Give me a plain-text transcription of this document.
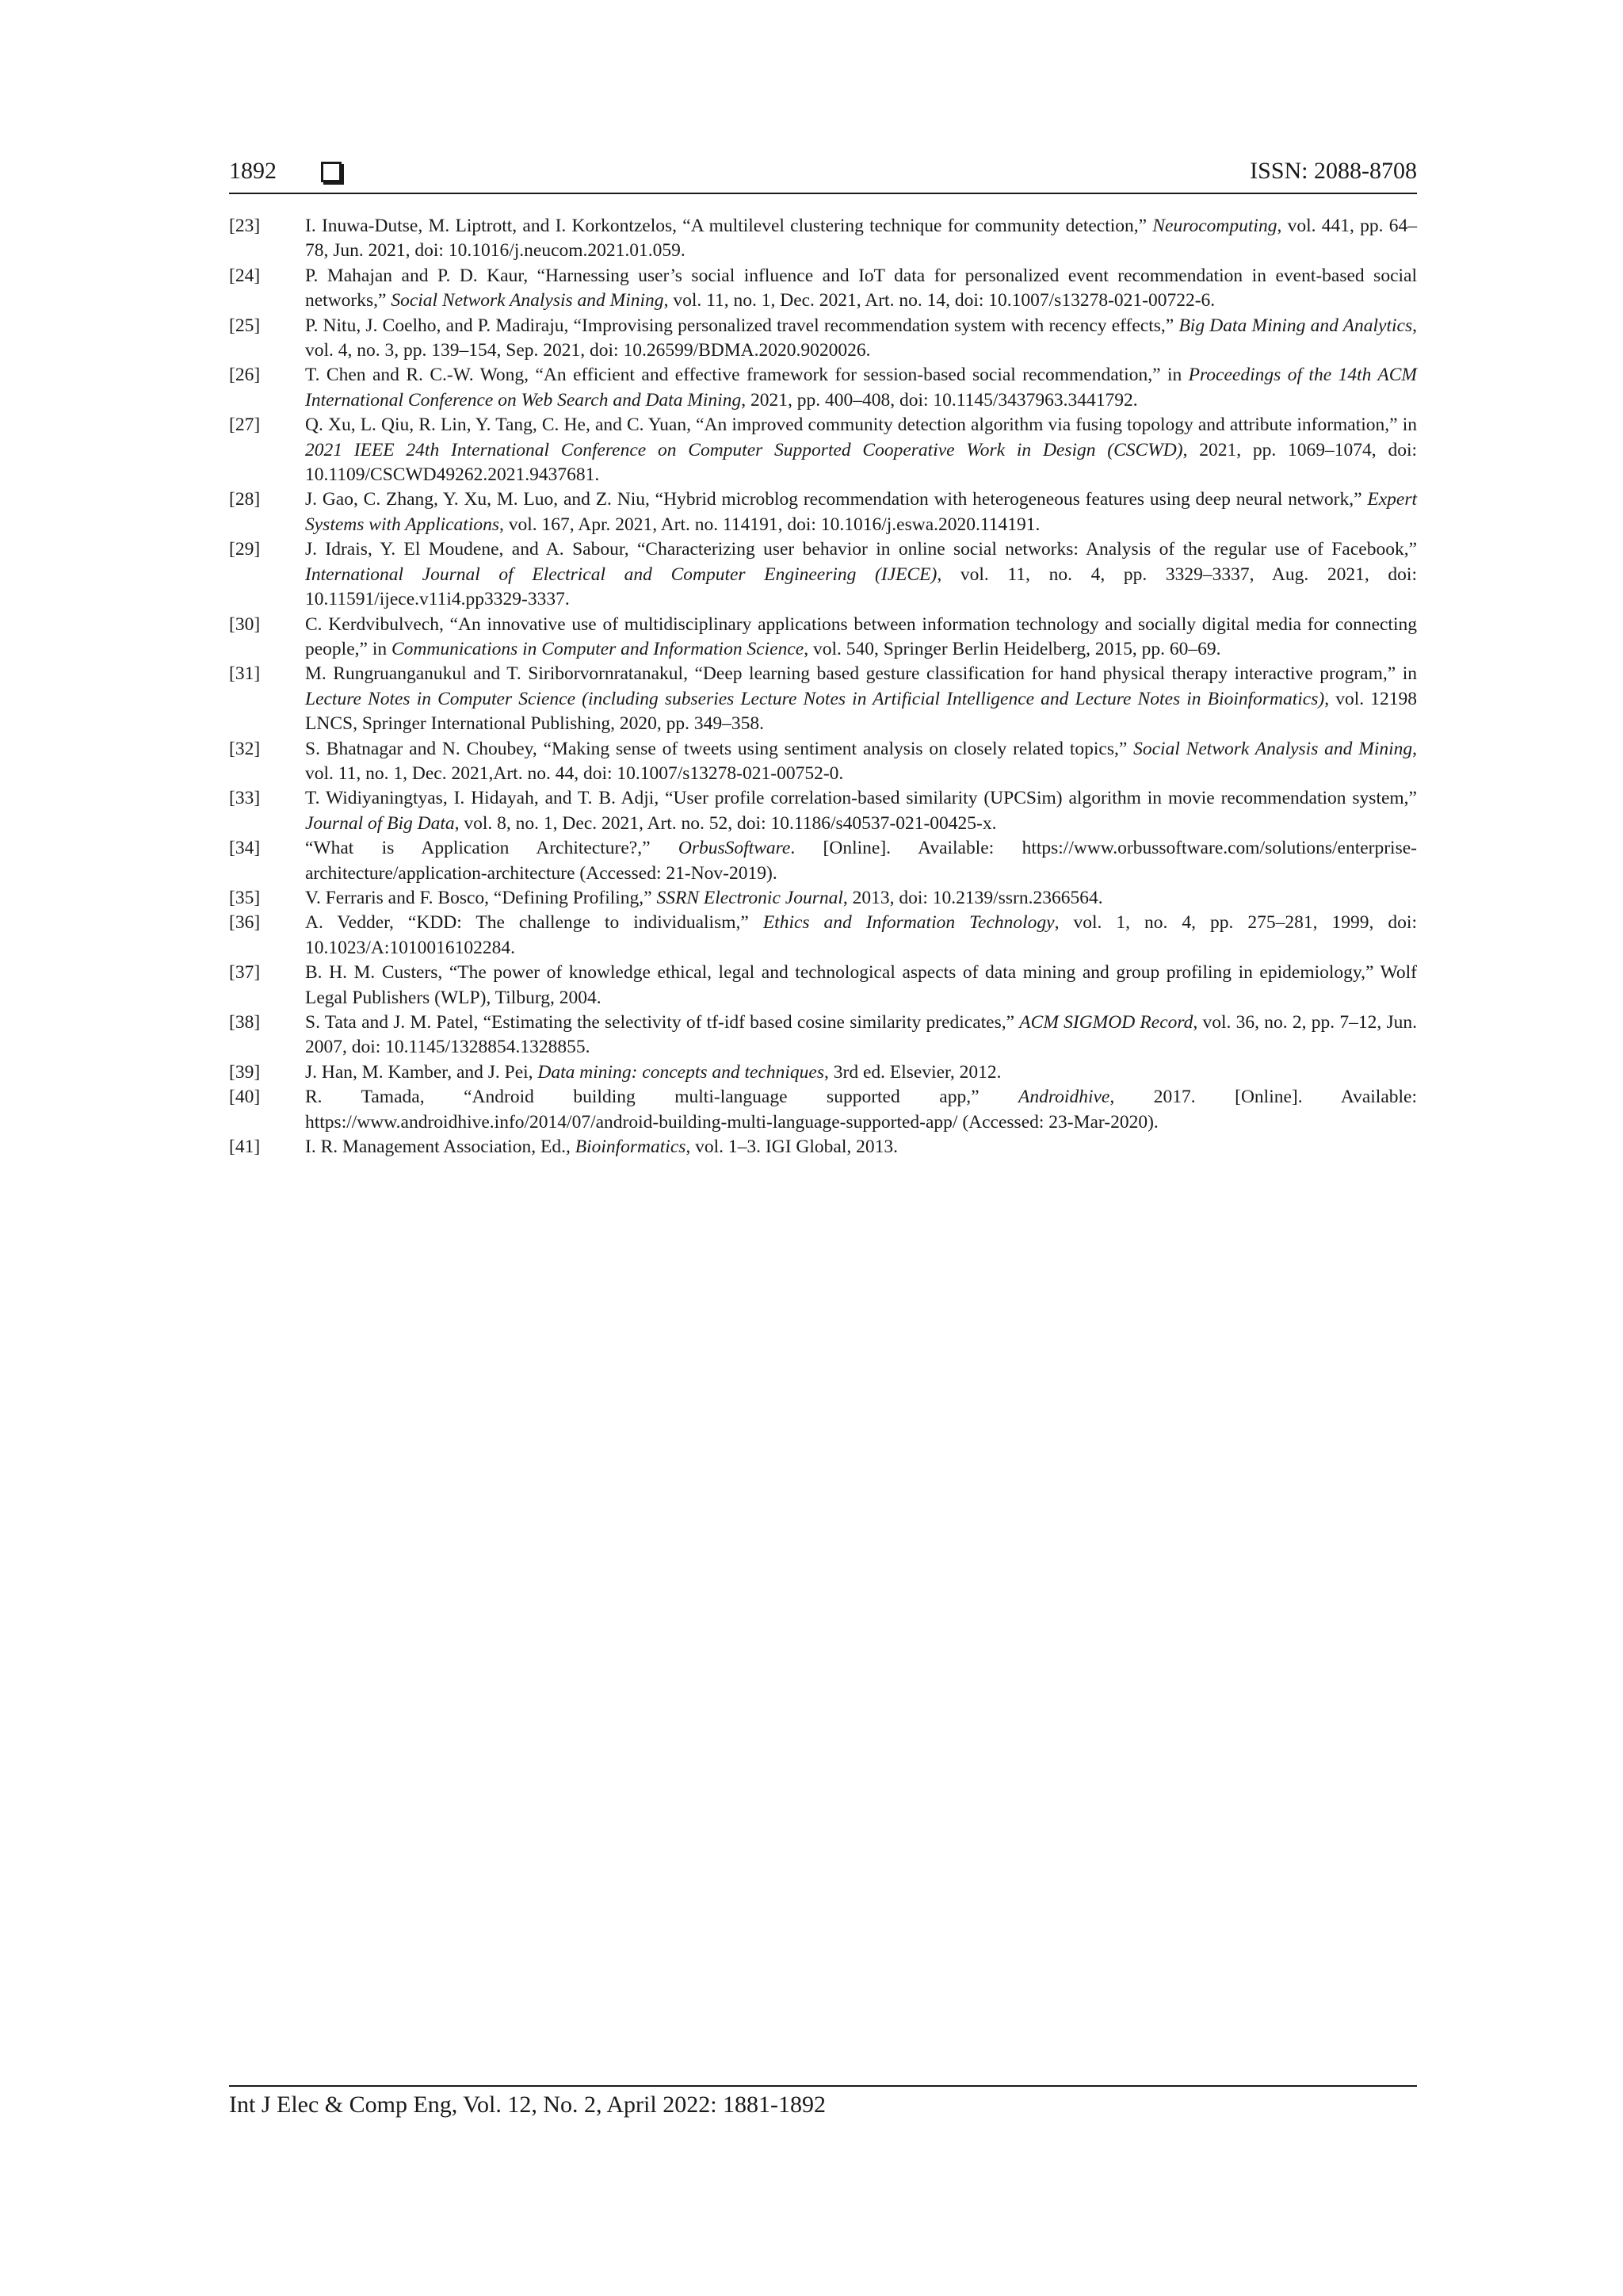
1892	ISSN: 2088-8708

[23] I. Inuwa-Dutse, M. Liptrott, and I. Korkontzelos, “A multilevel clustering technique for community detection,” Neurocomputing, vol. 441, pp. 64–78, Jun. 2021, doi: 10.1016/j.neucom.2021.01.059.

[24] P. Mahajan and P. D. Kaur, “Harnessing user’s social influence and IoT data for personalized event recommendation in event-based social networks,” Social Network Analysis and Mining, vol. 11, no. 1, Dec. 2021, Art. no. 14, doi: 10.1007/s13278-021-00722-6.

[25] P. Nitu, J. Coelho, and P. Madiraju, “Improvising personalized travel recommendation system with recency effects,” Big Data Mining and Analytics, vol. 4, no. 3, pp. 139–154, Sep. 2021, doi: 10.26599/BDMA.2020.9020026.

[26] T. Chen and R. C.-W. Wong, “An efficient and effective framework for session-based social recommendation,” in Proceedings of the 14th ACM International Conference on Web Search and Data Mining, 2021, pp. 400–408, doi: 10.1145/3437963.3441792.

[27] Q. Xu, L. Qiu, R. Lin, Y. Tang, C. He, and C. Yuan, “An improved community detection algorithm via fusing topology and attribute information,” in 2021 IEEE 24th International Conference on Computer Supported Cooperative Work in Design (CSCWD), 2021, pp. 1069–1074, doi: 10.1109/CSCWD49262.2021.9437681.

[28] J. Gao, C. Zhang, Y. Xu, M. Luo, and Z. Niu, “Hybrid microblog recommendation with heterogeneous features using deep neural network,” Expert Systems with Applications, vol. 167, Apr. 2021, Art. no. 114191, doi: 10.1016/j.eswa.2020.114191.

[29] J. Idrais, Y. El Moudene, and A. Sabour, “Characterizing user behavior in online social networks: Analysis of the regular use of Facebook,” International Journal of Electrical and Computer Engineering (IJECE), vol. 11, no. 4, pp. 3329–3337, Aug. 2021, doi: 10.11591/ijece.v11i4.pp3329-3337.

[30] C. Kerdvibulvech, “An innovative use of multidisciplinary applications between information technology and socially digital media for connecting people,” in Communications in Computer and Information Science, vol. 540, Springer Berlin Heidelberg, 2015, pp. 60–69.

[31] M. Rungruanganukul and T. Siriborvornratanakul, “Deep learning based gesture classification for hand physical therapy interactive program,” in Lecture Notes in Computer Science (including subseries Lecture Notes in Artificial Intelligence and Lecture Notes in Bioinformatics), vol. 12198 LNCS, Springer International Publishing, 2020, pp. 349–358.

[32] S. Bhatnagar and N. Choubey, “Making sense of tweets using sentiment analysis on closely related topics,” Social Network Analysis and Mining, vol. 11, no. 1, Dec. 2021,Art. no. 44, doi: 10.1007/s13278-021-00752-0.

[33] T. Widiyaningtyas, I. Hidayah, and T. B. Adji, “User profile correlation-based similarity (UPCSim) algorithm in movie recommendation system,” Journal of Big Data, vol. 8, no. 1, Dec. 2021, Art. no. 52, doi: 10.1186/s40537-021-00425-x.

[34] “What is Application Architecture?,” OrbusSoftware. [Online]. Available: https://www.orbussoftware.com/solutions/enterprise-architecture/application-architecture (Accessed: 21-Nov-2019).

[35] V. Ferraris and F. Bosco, “Defining Profiling,” SSRN Electronic Journal, 2013, doi: 10.2139/ssrn.2366564.

[36] A. Vedder, “KDD: The challenge to individualism,” Ethics and Information Technology, vol. 1, no. 4, pp. 275–281, 1999, doi: 10.1023/A:1010016102284.

[37] B. H. M. Custers, “The power of knowledge ethical, legal and technological aspects of data mining and group profiling in epidemiology,” Wolf Legal Publishers (WLP), Tilburg, 2004.

[38] S. Tata and J. M. Patel, “Estimating the selectivity of tf-idf based cosine similarity predicates,” ACM SIGMOD Record, vol. 36, no. 2, pp. 7–12, Jun. 2007, doi: 10.1145/1328854.1328855.

[39] J. Han, M. Kamber, and J. Pei, Data mining: concepts and techniques, 3rd ed. Elsevier, 2012.

[40] R. Tamada, “Android building multi-language supported app,” Androidhive, 2017. [Online]. Available: https://www.androidhive.info/2014/07/android-building-multi-language-supported-app/ (Accessed: 23-Mar-2020).

[41] I. R. Management Association, Ed., Bioinformatics, vol. 1–3. IGI Global, 2013.

Int J Elec & Comp Eng, Vol. 12, No. 2, April 2022: 1881-1892
